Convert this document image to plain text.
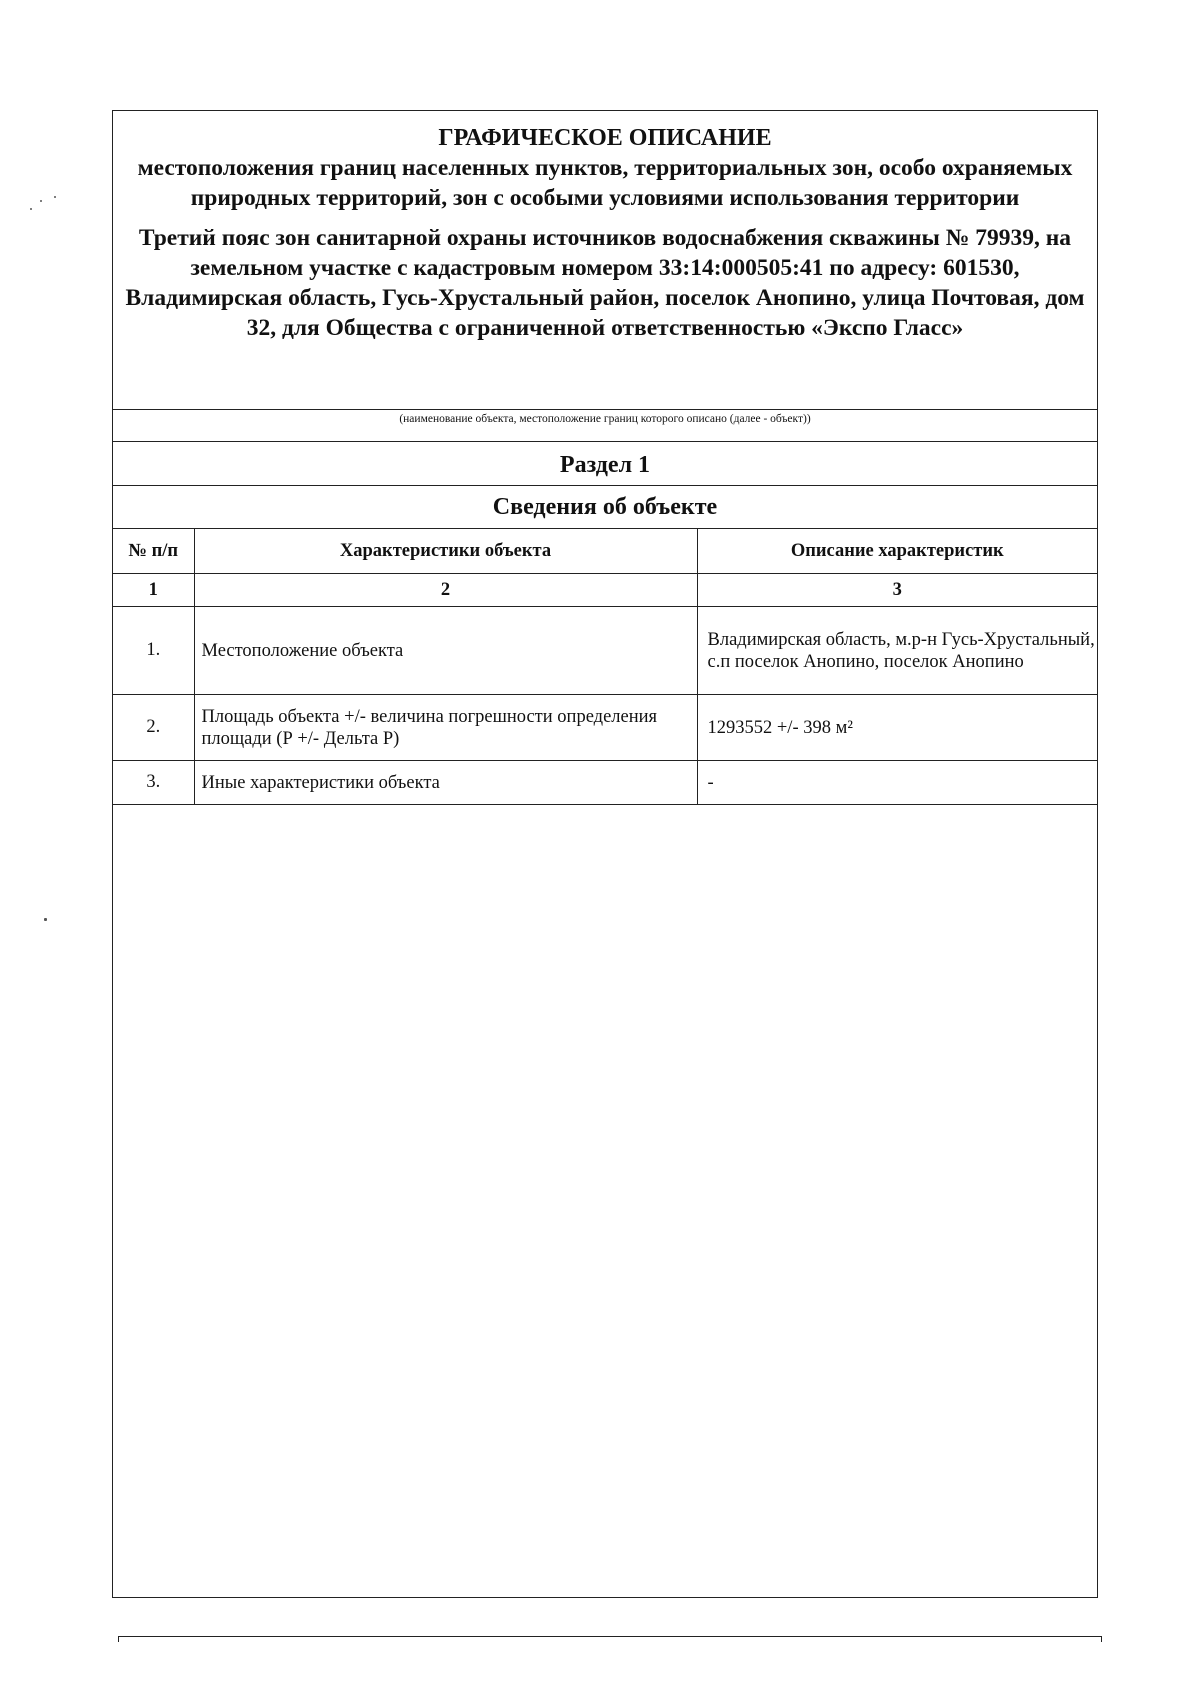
ГРАФИЧЕСКОЕ ОПИСАНИЕ
местоположения границ населенных пунктов, территориальных зон, особо охраняемых природных территорий, зон с особыми условиями использования территории
Третий пояс зон санитарной охраны источников водоснабжения скважины № 79939, на земельном участке с кадастровым номером 33:14:000505:41 по адресу: 601530, Владимирская область, Гусь-Хрустальный район, поселок Анопино, улица Почтовая, дом 32, для Общества с ограниченной ответственностью «Экспо Гласс»
(наименование объекта, местоположение границ которого описано (далее - объект))
Раздел 1
Сведения об объекте
№ п/п	Характеристики объекта	Описание характеристик
1	2	3
1.	Местоположение объекта	Владимирская область, м.р-н Гусь-Хрустальный, с.п поселок Анопино, поселок Анопино
2.	Площадь объекта +/- величина погрешности определения площади (Р +/- Дельта Р)	1293552 +/- 398 м²
3.	Иные характеристики объекта	-
